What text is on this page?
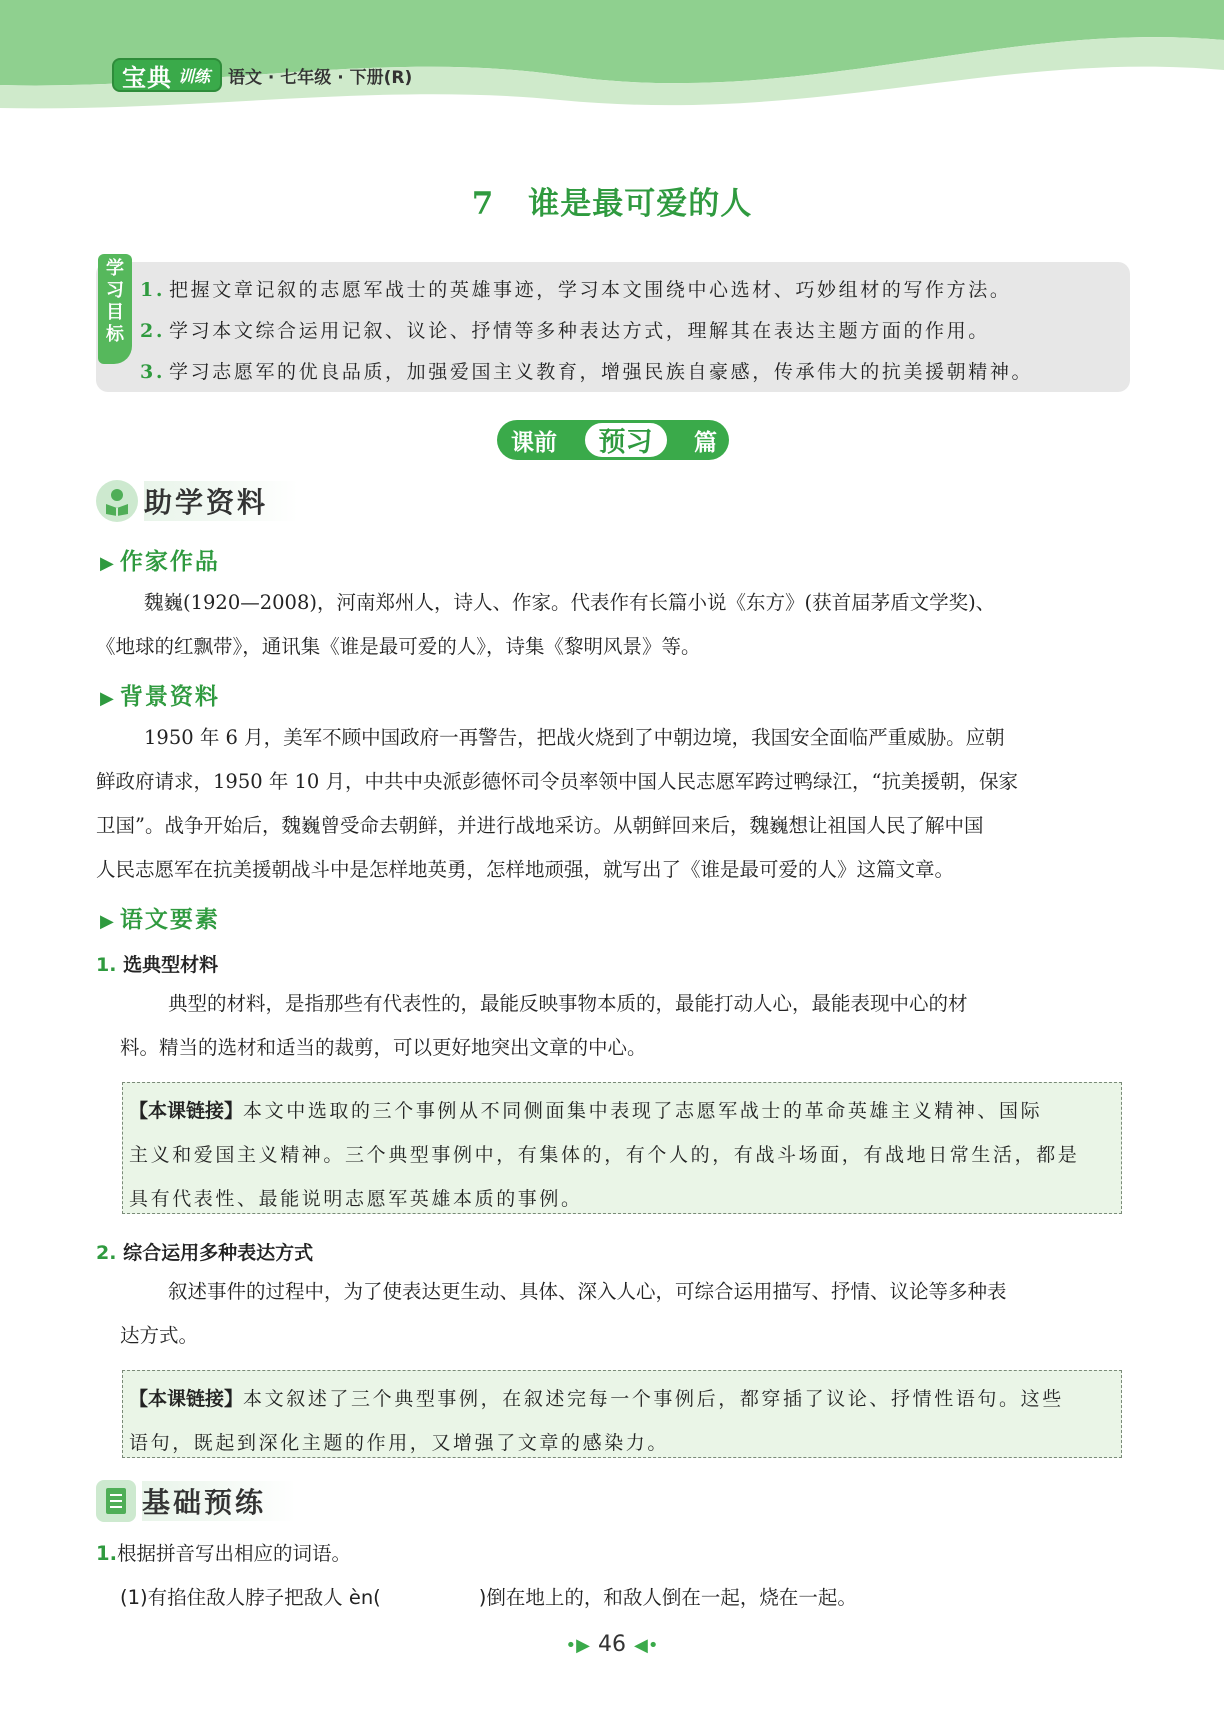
宝典 训练 语文 · 七年级 · 下册(R)
7 谁是最可爱的人
学
习
目
标
1. 把握文章记叙的志愿军战士的英雄事迹，学习本文围绕中心选材、巧妙组材的写作方法。
2. 学习本文综合运用记叙、议论、抒情等多种表达方式，理解其在表达主题方面的作用。
3. 学习志愿军的优良品质，加强爱国主义教育，增强民族自豪感，传承伟大的抗美援朝精神。
课前	预习	篇
助学资料
▶ 作家作品
魏巍(1920—2008)，河南郑州人，诗人、作家。代表作有长篇小说《东方》(获首届茅盾文学奖)、
《地球的红飘带》，通讯集《谁是最可爱的人》，诗集《黎明风景》等。
▶ 背景资料
1950 年 6 月，美军不顾中国政府一再警告，把战火烧到了中朝边境，我国安全面临严重威胁。应朝
鲜政府请求，1950 年 10 月，中共中央派彭德怀司令员率领中国人民志愿军跨过鸭绿江，“抗美援朝，保家
卫国”。战争开始后，魏巍曾受命去朝鲜，并进行战地采访。从朝鲜回来后，魏巍想让祖国人民了解中国
人民志愿军在抗美援朝战斗中是怎样地英勇，怎样地顽强，就写出了《谁是最可爱的人》这篇文章。
▶ 语文要素
1. 选典型材料
典型的材料，是指那些有代表性的，最能反映事物本质的，最能打动人心，最能表现中心的材
料。精当的选材和适当的裁剪，可以更好地突出文章的中心。
【本课链接】本文中选取的三个事例从不同侧面集中表现了志愿军战士的革命英雄主义精神、国际
主义和爱国主义精神。三个典型事例中，有集体的，有个人的，有战斗场面，有战地日常生活，都是
具有代表性、最能说明志愿军英雄本质的事例。
2. 综合运用多种表达方式
叙述事件的过程中，为了使表达更生动、具体、深入人心，可综合运用描写、抒情、议论等多种表
达方式。
【本课链接】本文叙述了三个典型事例，在叙述完每一个事例后，都穿插了议论、抒情性语句。这些
语句，既起到深化主题的作用，又增强了文章的感染力。
基础预练
1.根据拼音写出相应的词语。
(1)有掐住敌人脖子把敌人 èn(	)倒在地上的，和敌人倒在一起，烧在一起。
•▶ 46 ◀•
